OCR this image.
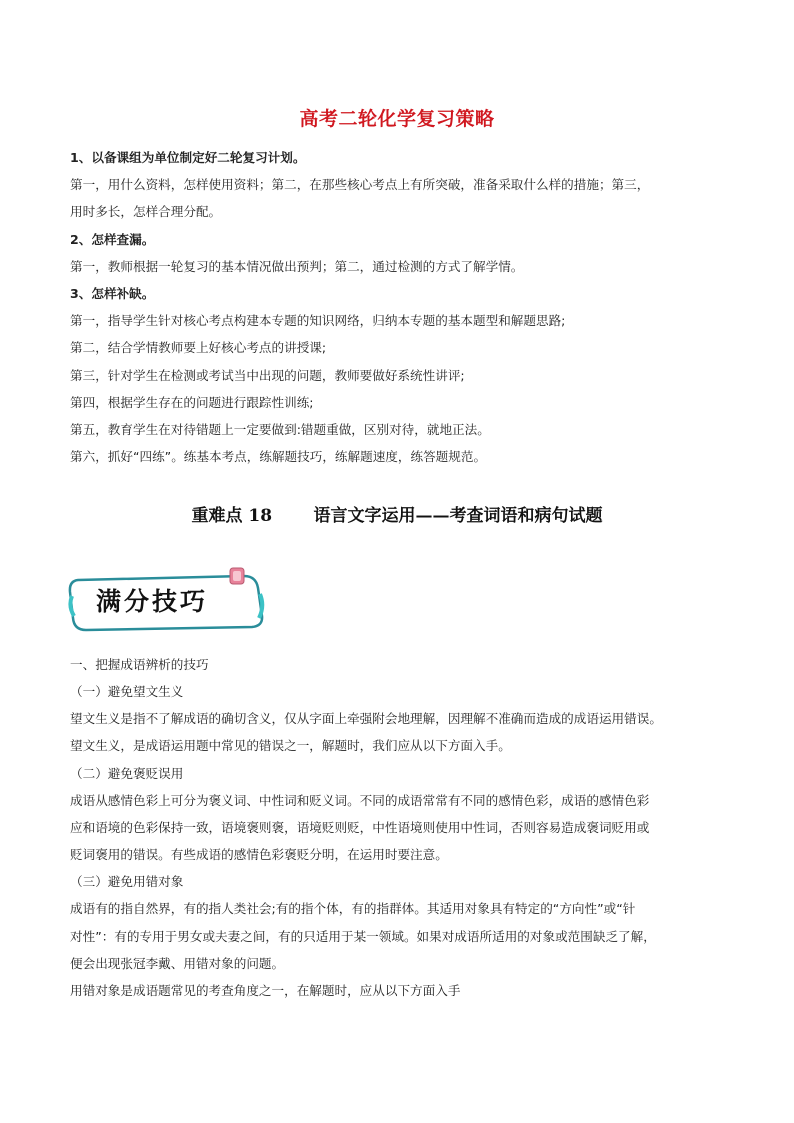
高考二轮化学复习策略
1、以备课组为单位制定好二轮复习计划。
第一，用什么资料，怎样使用资料；第二，在那些核心考点上有所突破，准备采取什么样的措施；第三，
用时多长，怎样合理分配。
2、怎样查漏。
第一，教师根据一轮复习的基本情况做出预判；第二，通过检测的方式了解学情。
3、怎样补缺。
第一，指导学生针对核心考点构建本专题的知识网络，归纳本专题的基本题型和解题思路;
第二，结合学情教师要上好核心考点的讲授课;
第三，针对学生在检测或考试当中出现的问题，教师要做好系统性讲评;
第四，根据学生存在的问题进行跟踪性训练;
第五，教育学生在对待错题上一定要做到:错题重做，区别对待，就地正法。
第六，抓好“四练”。练基本考点，练解题技巧，练解题速度，练答题规范。
重难点 18       语言文字运用——考查词语和病句试题
满分技巧
一、把握成语辨析的技巧
（一）避免望文生义
望文生义是指不了解成语的确切含义，仅从字面上牵强附会地理解，因理解不准确而造成的成语运用错误。
望文生义，是成语运用题中常见的错误之一，解题时，我们应从以下方面入手。
（二）避免褒贬误用
成语从感情色彩上可分为褒义词、中性词和贬义词。不同的成语常常有不同的感情色彩，成语的感情色彩
应和语境的色彩保持一致，语境褒则褒，语境贬则贬，中性语境则使用中性词，否则容易造成褒词贬用或
贬词褒用的错误。有些成语的感情色彩褒贬分明，在运用时要注意。
（三）避免用错对象
成语有的指自然界，有的指人类社会;有的指个体，有的指群体。其适用对象具有特定的“方向性”或“针
对性”：有的专用于男女或夫妻之间，有的只适用于某一领域。如果对成语所适用的对象或范围缺乏了解，
便会出现张冠李戴、用错对象的问题。
用错对象是成语题常见的考查角度之一，在解题时，应从以下方面入手
